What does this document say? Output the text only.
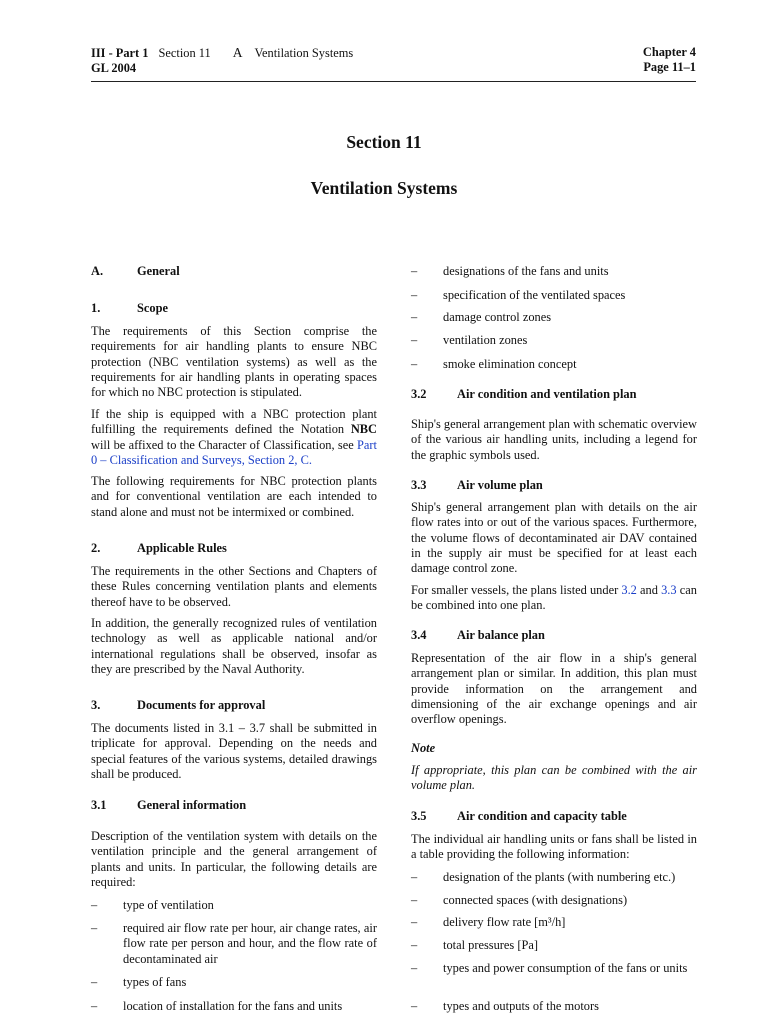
III - Part 1 Section 11 A Ventilation Systems
GL 2004
Chapter 4
Page 11–1
Section 11
Ventilation Systems
A.	General
1.	Scope

The requirements of this Section comprise the requirements for air handling plants to ensure NBC protection (NBC ventilation systems) as well as the requirements for air handling plants in operating spaces for which no NBC protection is stipulated.

If the ship is equipped with a NBC protection plant fulfilling the requirements defined the Notation NBC will be affixed to the Character of Classification, see Part 0 – Classification and Surveys, Section 2, C.

The following requirements for NBC protection plants and for conventional ventilation are each intended to stand alone and must not be intermixed or combined.

2.	Applicable Rules

The requirements in the other Sections and Chapters of these Rules concerning ventilation plants and elements thereof have to be observed.

In addition, the generally recognized rules of ventilation technology as well as applicable national and/or international regulations shall be observed, insofar as they are prescribed by the Naval Authority.

3.	Documents for approval

The documents listed in 3.1 – 3.7 shall be submitted in triplicate for approval. Depending on the needs and special features of the various systems, detailed drawings shall be produced.

3.1	General information

Description of the ventilation system with details on the ventilation principle and the general arrangement of plants and units. In particular, the following details are required:

–	type of ventilation
–	required air flow rate per hour, air change rates, air flow rate per person and hour, and the flow rate of decontaminated air
–	types of fans
–	location of installation for the fans and units
–	designations of the fans and units
–	specification of the ventilated spaces
–	damage control zones
–	ventilation zones
–	smoke elimination concept
3.2	Air condition and ventilation plan

Ship's general arrangement plan with schematic overview of the various air handling units, including a legend for the graphic symbols used.

3.3	Air volume plan

Ship's general arrangement plan with details on the air flow rates into or out of the various spaces. Furthermore, the volume flows of decontaminated air DAV contained in the supply air must be specified for at least each damage control zone.

For smaller vessels, the plans listed under 3.2 and 3.3 can be combined into one plan.

3.4	Air balance plan

Representation of the air flow in a ship's general arrangement plan or similar. In addition, this plan must provide information on the arrangement and dimensioning of the air exchange openings and air overflow openings.

Note

If appropriate, this plan can be combined with the air volume plan.

3.5	Air condition and capacity table

The individual air handling units or fans shall be listed in a table providing the following information:

–	designation of the plants (with numbering etc.)
–	connected spaces (with designations)
–	delivery flow rate [m³/h]
–	total pressures [Pa]
–	types and power consumption of the fans or units
–	types and outputs of the motors
